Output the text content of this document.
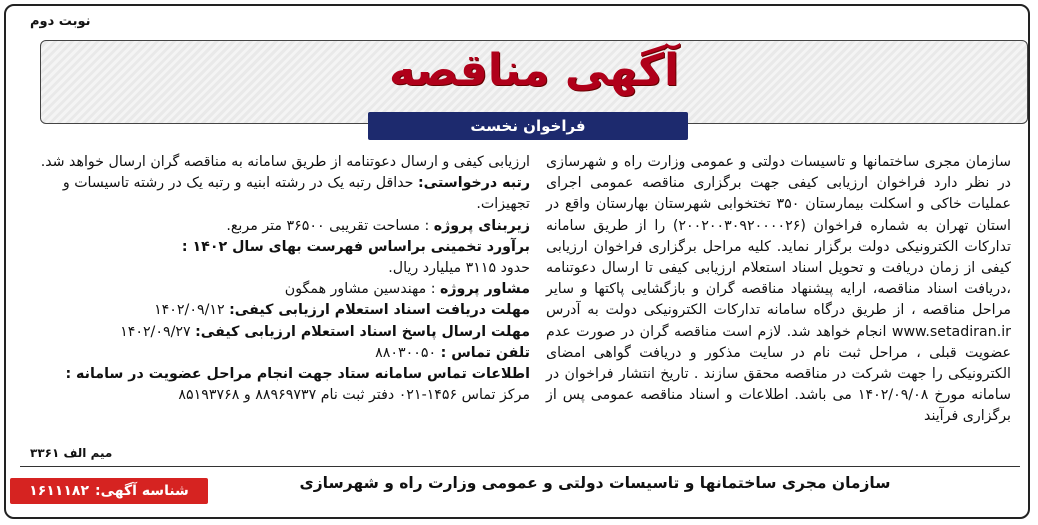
نوبت دوم
آگهی مناقصه
فراخوان نخست

سازمان مجری ساختمانها و تاسیسات دولتی و عمومی وزارت راه و شهرسازی در نظر دارد فراخوان ارزیابی کیفی جهت برگزاری مناقصه عمومی اجرای عملیات خاکی و اسکلت بیمارستان ۳۵۰ تختخوابی شهرستان بهارستان واقع در استان تهران به شماره فراخوان (۲۰۰۲۰۰۳۰۹۲۰۰۰۰۲۶) را از طریق سامانه تدارکات الکترونیکی دولت برگزار نماید. کلیه مراحل برگزاری فراخوان ارزیابی کیفی از زمان دریافت و تحویل اسناد استعلام ارزیابی کیفی تا ارسال دعوتنامه ،دریافت اسناد مناقصه، ارایه پیشنهاد مناقصه گران و بازگشایی پاکتها و سایر مراحل مناقصه ، از طریق درگاه سامانه تدارکات الکترونیکی دولت به آدرس www.setadiran.ir انجام خواهد شد. لازم است مناقصه گران در صورت عدم عضویت قبلی ، مراحل ثبت نام در سایت مذکور و دریافت گواهی امضای الکترونیکی را جهت شرکت در مناقصه محقق سازند . تاریخ انتشار فراخوان در سامانه مورخ ۱۴۰۲/۰۹/۰۸ می باشد. اطلاعات و اسناد مناقصه عمومی پس از برگزاری فرآیند

ارزیابی کیفی و ارسال دعوتنامه از طریق سامانه به مناقصه گران ارسال خواهد شد.

رتبه درخواستی: حداقل رتبه یک در رشته ابنیه و رتبه یک در رشته تاسیسات و تجهیزات.

زیربنای پروژه : مساحت تقریبی ۳۶۵۰۰ متر مربع.

برآورد تخمینی براساس فهرست بهای سال ۱۴۰۲ :

حدود ۳۱۱۵ میلیارد ریال.

مشاور پروژه : مهندسین مشاور همگون

مهلت دریافت اسناد استعلام ارزیابی کیفی: ۱۴۰۲/۰۹/۱۲

مهلت ارسال پاسخ اسناد استعلام ارزیابی کیفی: ۱۴۰۲/۰۹/۲۷

تلفن تماس : ۸۸۰۳۰۰۵۰

اطلاعات تماس سامانه ستاد جهت انجام مراحل عضویت در سامانه :

مرکز تماس ۱۴۵۶-۰۲۱ دفتر ثبت نام ۸۸۹۶۹۷۳۷ و ۸۵۱۹۳۷۶۸

میم الف ۳۳۶۱
سازمان مجری ساختمانها و تاسیسات دولتی و عمومی وزارت راه و شهرسازی
شناسه آگهی:
۱۶۱۱۱۸۲
